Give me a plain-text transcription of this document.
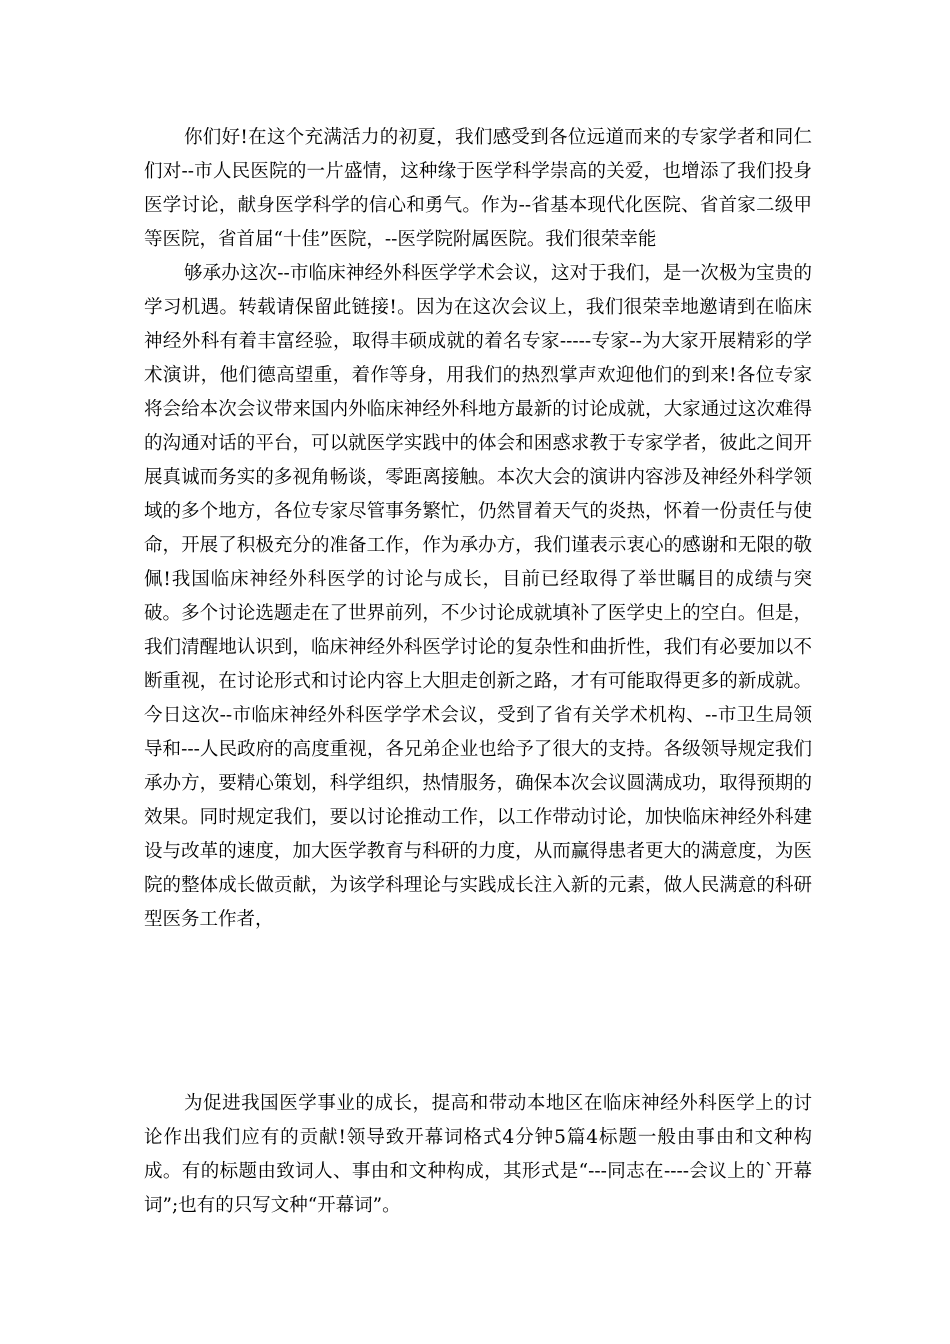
你们好!在这个充满活力的初夏，我们感受到各位远道而来的专家学者和同仁们对--市人民医院的一片盛情，这种缘于医学科学崇高的关爱，也增添了我们投身医学讨论，献身医学科学的信心和勇气。作为--省基本现代化医院、省首家二级甲等医院，省首届“十佳”医院，--医学院附属医院。我们很荣幸能

够承办这次--市临床神经外科医学学术会议，这对于我们，是一次极为宝贵的学习机遇。转载请保留此链接!。因为在这次会议上，我们很荣幸地邀请到在临床神经外科有着丰富经验，取得丰硕成就的着名专家-----专家--为大家开展精彩的学术演讲，他们德高望重，着作等身，用我们的热烈掌声欢迎他们的到来!各位专家将会给本次会议带来国内外临床神经外科地方最新的讨论成就，大家通过这次难得的沟通对话的平台，可以就医学实践中的体会和困惑求教于专家学者，彼此之间开展真诚而务实的多视角畅谈，零距离接触。本次大会的演讲内容涉及神经外科学领域的多个地方，各位专家尽管事务繁忙，仍然冒着天气的炎热，怀着一份责任与使命，开展了积极充分的准备工作，作为承办方，我们谨表示衷心的感谢和无限的敬佩!我国临床神经外科医学的讨论与成长，目前已经取得了举世瞩目的成绩与突破。多个讨论选题走在了世界前列，不少讨论成就填补了医学史上的空白。但是，我们清醒地认识到，临床神经外科医学讨论的复杂性和曲折性，我们有必要加以不断重视，在讨论形式和讨论内容上大胆走创新之路，才有可能取得更多的新成就。今日这次--市临床神经外科医学学术会议，受到了省有关学术机构、--市卫生局领导和---人民政府的高度重视，各兄弟企业也给予了很大的支持。各级领导规定我们承办方，要精心策划，科学组织，热情服务，确保本次会议圆满成功，取得预期的效果。同时规定我们，要以讨论推动工作，以工作带动讨论，加快临床神经外科建设与改革的速度，加大医学教育与科研的力度，从而赢得患者更大的满意度，为医院的整体成长做贡献，为该学科理论与实践成长注入新的元素，做人民满意的科研型医务工作者，

为促进我国医学事业的成长，提高和带动本地区在临床神经外科医学上的讨论作出我们应有的贡献!领导致开幕词格式4分钟5篇4标题一般由事由和文种构成。有的标题由致词人、事由和文种构成，其形式是“---同志在----会议上的`开幕词”;也有的只写文种“开幕词”。
